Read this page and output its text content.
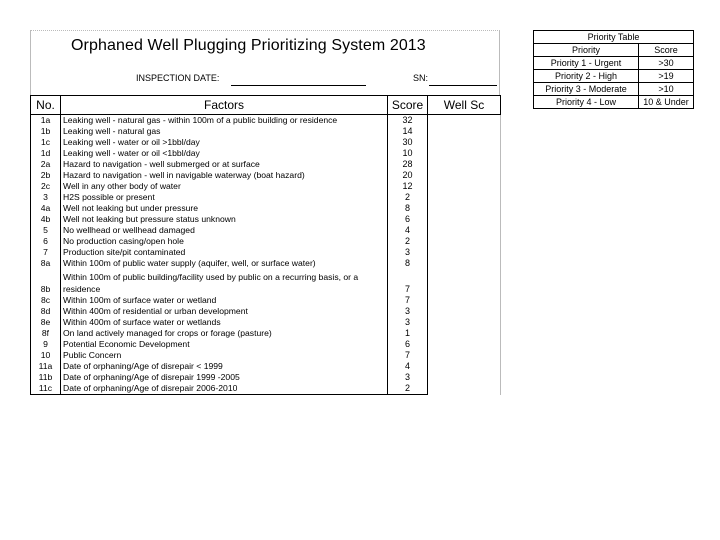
Orphaned Well Plugging Prioritizing System 2013
INSPECTION DATE:	SN:
No.	Factors	Score	Well Sc
1a	Leaking well - natural gas - within 100m of a public building or residence	32	
1b	Leaking well - natural gas	14	
1c	Leaking well - water or oil >1bbl/day	30	
1d	Leaking well - water or oil <1bbl/day	10	
2a	Hazard to navigation - well submerged or at surface	28	
2b	Hazard to navigation - well in navigable waterway (boat hazard)	20	
2c	Well in any other body of water	12	
3	H2S possible or present	2	
4a	Well not leaking but under pressure	8	
4b	Well not leaking but pressure status unknown	6	
5	No wellhead or wellhead damaged	4	
6	No production casing/open hole	2	
7	Production site/pit contaminated	3	
8a	Within 100m of public water supply (aquifer, well, or surface water)	8	
8b	Within 100m of public building/facility used by public on a recurring basis, or a residence	7	
8c	Within 100m of surface water or wetland	7	
8d	Within 400m of residential or urban development	3	
8e	Within 400m of surface water or wetlands	3	
8f	On land actively managed for crops or forage (pasture)	1	
9	Potential Economic Development	6	
10	Public Concern	7	
11a	Date of orphaning/Age of disrepair < 1999	4	
11b	Date of orphaning/Age of disrepair 1999 -2005	3	
11c	Date of orphaning/Age of disrepair 2006-2010	2	
Priority Table	
Priority	Score
Priority 1 - Urgent	>30
Priority 2 - High	>19
Priority 3 - Moderate	>10
Priority 4 - Low	10 & Under
